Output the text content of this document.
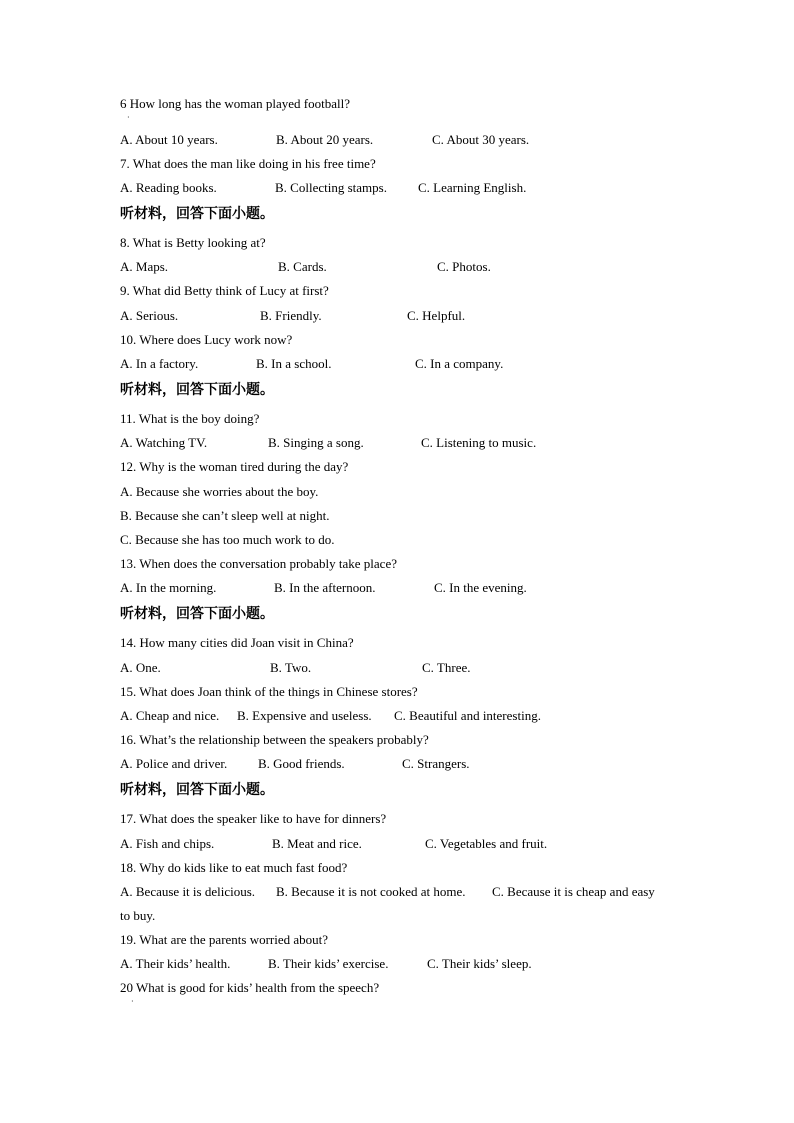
6 How long has the woman played football?
·
A. About 10 years.	B. About 20 years.	C. About 30 years.
7. What does the man like doing in his free time?
A. Reading books.	B. Collecting stamps. C. Learning English.
听材料，回答下面小题。
8. What is Betty looking at?
A. Maps.	B. Cards.	C. Photos.
9. What did Betty think of Lucy at first?
A. Serious.	B. Friendly.	C. Helpful.
10. Where does Lucy work now?
A. In a factory.	B. In a school.	C. In a company.
听材料，回答下面小题。
11. What is the boy doing?
A. Watching TV.	B. Singing a song.	C. Listening to music.
12. Why is the woman tired during the day?
A. Because she worries about the boy.
B. Because she can’t sleep well at night.
C. Because she has too much work to do.
13. When does the conversation probably take place?
A. In the morning.	B. In the afternoon.	C. In the evening.
听材料，回答下面小题。
14. How many cities did Joan visit in China?
A. One.	B. Two.	C. Three.
15. What does Joan think of the things in Chinese stores?
A. Cheap and nice. B. Expensive and useless. C. Beautiful and interesting.
16. What’s the relationship between the speakers probably?
A. Police and driver. B. Good friends.	C. Strangers.
听材料，回答下面小题。
17. What does the speaker like to have for dinners?
A. Fish and chips.	B. Meat and rice.	C. Vegetables and fruit.
18. Why do kids like to eat much fast food?
A. Because it is delicious. B. Because it is not cooked at home. C. Because it is cheap and easy
to buy.
19. What are the parents worried about?
A. Their kids’ health.	B. Their kids’ exercise.	C. Their kids’ sleep.
20 What is good for kids’ health from the speech?
·
